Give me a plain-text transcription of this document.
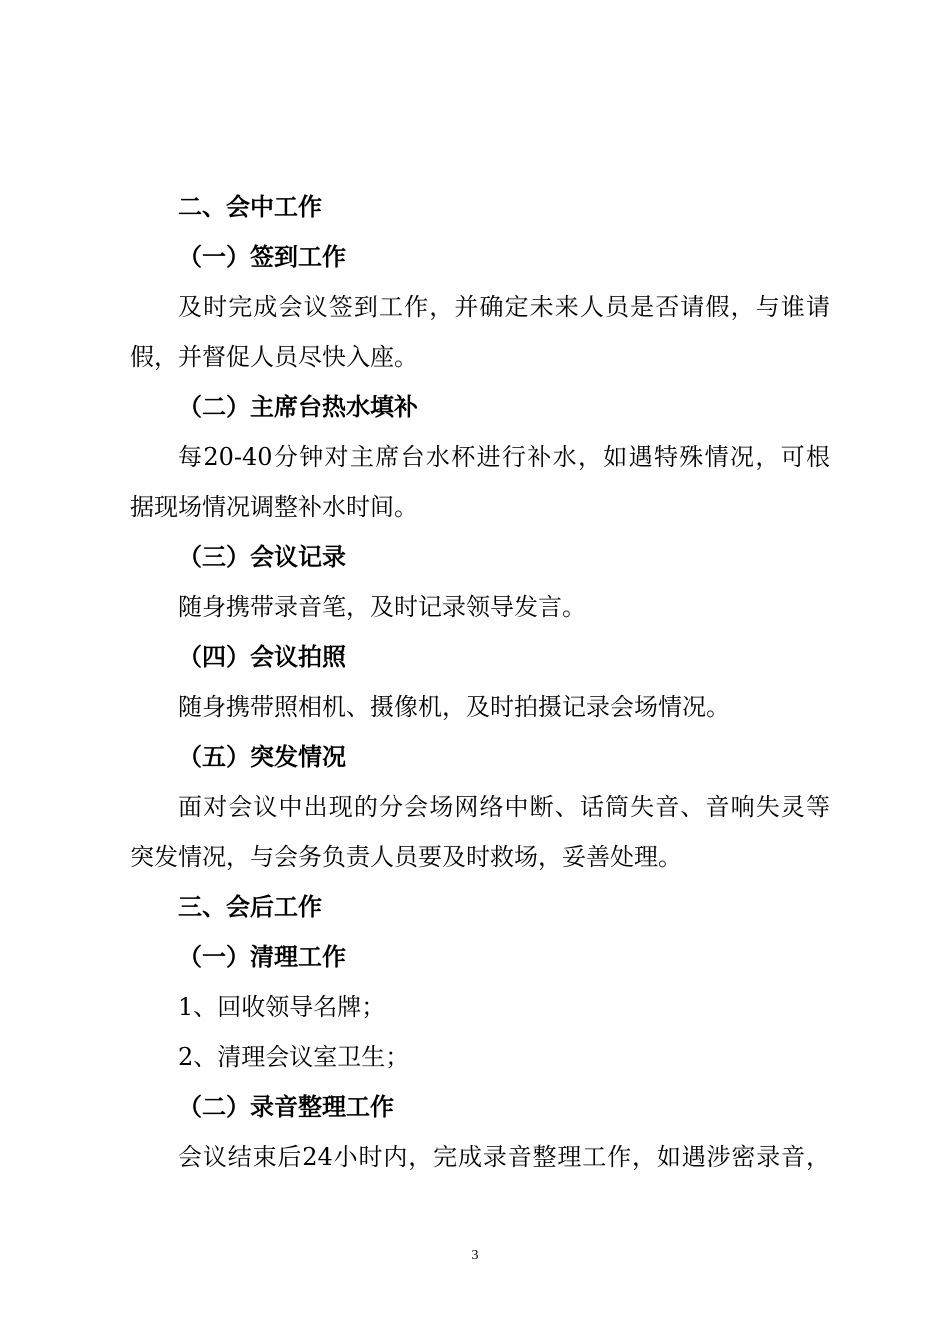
二、会中工作
（一）签到工作
及时完成会议签到工作，并确定未来人员是否请假，与谁请
假，并督促人员尽快入座。
（二）主席台热水填补
每20-40分钟对主席台水杯进行补水，如遇特殊情况，可根
据现场情况调整补水时间。
（三）会议记录
随身携带录音笔，及时记录领导发言。
（四）会议拍照
随身携带照相机、摄像机，及时拍摄记录会场情况。
（五）突发情况
面对会议中出现的分会场网络中断、话筒失音、音响失灵等
突发情况，与会务负责人员要及时救场，妥善处理。
三、会后工作
（一）清理工作
1、回收领导名牌；
2、清理会议室卫生；
（二）录音整理工作
会议结束后24小时内，完成录音整理工作，如遇涉密录音，
3
